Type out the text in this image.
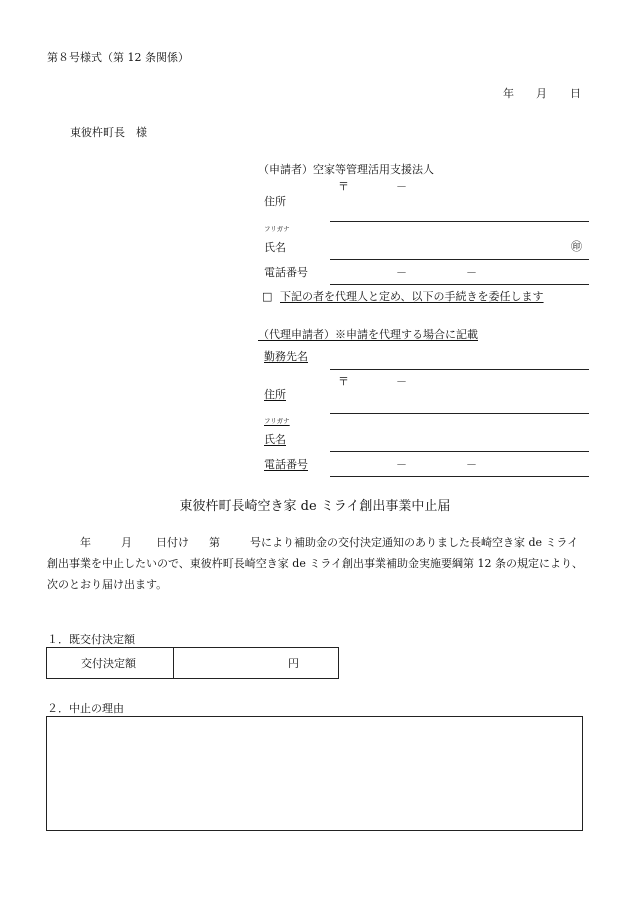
第８号様式（第 12 条関係）
年 月 日
東彼杵町長　様
（申請者）空家等管理活用支援法人
〒	－
住所
フリガナ
氏名	㊞
電話番号	－	－
□ 下記の者を代理人と定め、以下の手続きを委任します
（代理申請者）※申請を代理する場合に記載
勤務先名
〒	－
住所
フリガナ
氏名
電話番号	－	－
東彼杵町長崎空き家 de ミライ創出事業中止届
年	月 日付け 第	号により補助金の交付決定通知のありました長崎空き家 de ミライ創出事業を中止したいので、東彼杵町長崎空き家 de ミライ創出事業補助金実施要綱第 12 条の規定により、次のとおり届け出ます。
１．既交付決定額
交付決定額	円
２．中止の理由
